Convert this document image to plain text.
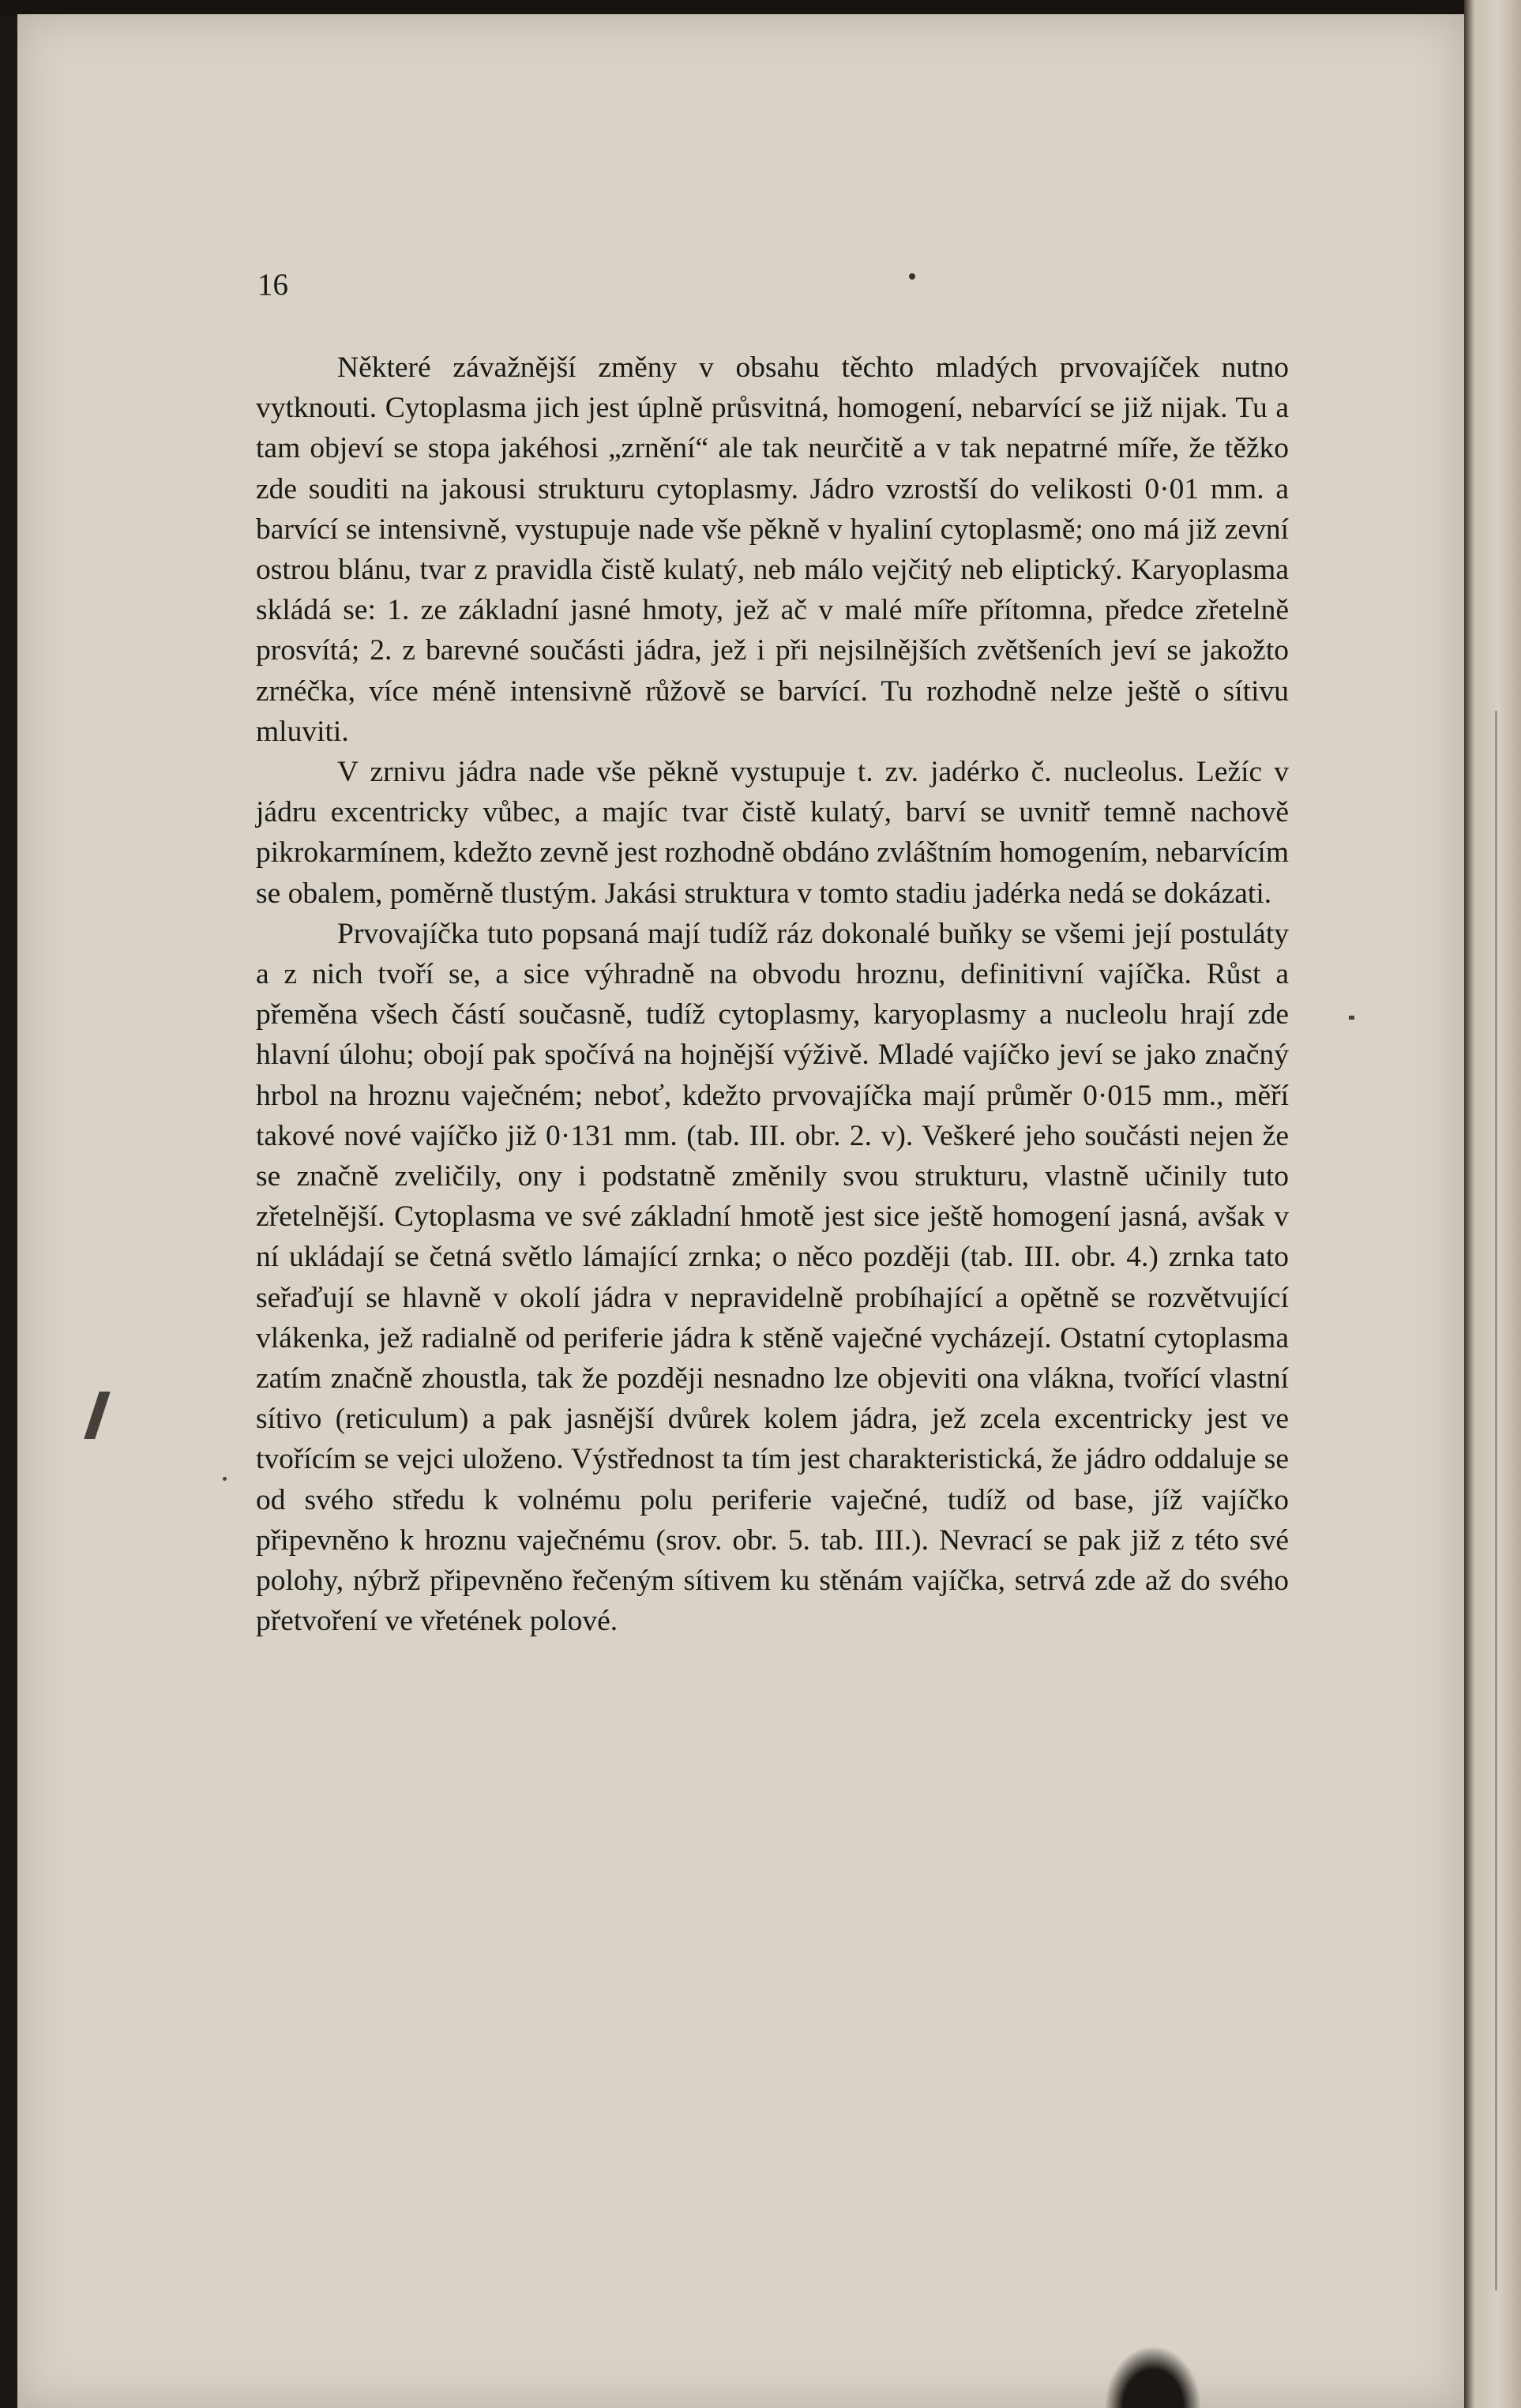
16

Některé závažnější změny v obsahu těchto mladých prvovajíček nutno vytknouti. Cytoplasma jich jest úplně průsvitná, homogení, nebarvící se již nijak. Tu a tam objeví se stopa jakéhosi „zrnění“ ale tak neurčitě a v tak nepatrné míře, že těžko zde souditi na jakousi strukturu cytoplasmy. Jádro vzrostší do velikosti 0·01 mm. a barvící se intensivně, vystupuje nade vše pěkně v hyaliní cytoplasmě; ono má již zevní ostrou blánu, tvar z pravidla čistě kulatý, neb málo vejčitý neb eliptický. Karyoplasma skládá se: 1. ze základní jasné hmoty, jež ač v malé míře přítomna, předce zřetelně prosvítá; 2. z barevné součásti jádra, jež i při nejsilnějších zvětšeních jeví se jakožto zrnéčka, více méně intensivně růžově se barvící. Tu rozhodně nelze ještě o sítivu mluviti.

V zrnivu jádra nade vše pěkně vystupuje t. zv. jadérko č. nucleolus. Ležíc v jádru excentricky vůbec, a majíc tvar čistě kulatý, barví se uvnitř temně nachově pikrokarmínem, kdežto zevně jest rozhodně obdáno zvláštním homogením, nebarvícím se obalem, poměrně tlustým. Jakási struktura v tomto stadiu jadérka nedá se dokázati.

Prvovajíčka tuto popsaná mají tudíž ráz dokonalé buňky se všemi její postuláty a z nich tvoří se, a sice výhradně na obvodu hroznu, definitivní vajíčka. Růst a přeměna všech částí současně, tudíž cytoplasmy, karyoplasmy a nucleolu hrají zde hlavní úlohu; obojí pak spočívá na hojnější výživě. Mladé vajíčko jeví se jako značný hrbol na hroznu vaječném; neboť, kdežto prvovajíčka mají průměr 0·015 mm., měří takové nové vajíčko již 0·131 mm. (tab. III. obr. 2. v). Veškeré jeho součásti nejen že se značně zveličily, ony i podstatně změnily svou strukturu, vlastně učinily tuto zřetelnější. Cytoplasma ve své základní hmotě jest sice ještě homogení jasná, avšak v ní ukládají se četná světlo lámající zrnka; o něco později (tab. III. obr. 4.) zrnka tato seřaďují se hlavně v okolí jádra v nepravidelně probíhající a opětně se rozvětvující vlákenka, jež radialně od periferie jádra k stěně vaječné vycházejí. Ostatní cytoplasma zatím značně zhoustla, tak že později nesnadno lze objeviti ona vlákna, tvořící vlastní sítivo (reticulum) a pak jasnější dvůrek kolem jádra, jež zcela excentricky jest ve tvořícím se vejci uloženo. Výstřednost ta tím jest charakteristická, že jádro oddaluje se od svého středu k volnému polu periferie vaječné, tudíž od base, jíž vajíčko připevněno k hroznu vaječnému (srov. obr. 5. tab. III.). Nevrací se pak již z této své polohy, nýbrž připevněno řečeným sítivem ku stěnám vajíčka, setrvá zde až do svého přetvoření ve vřetének polové.
